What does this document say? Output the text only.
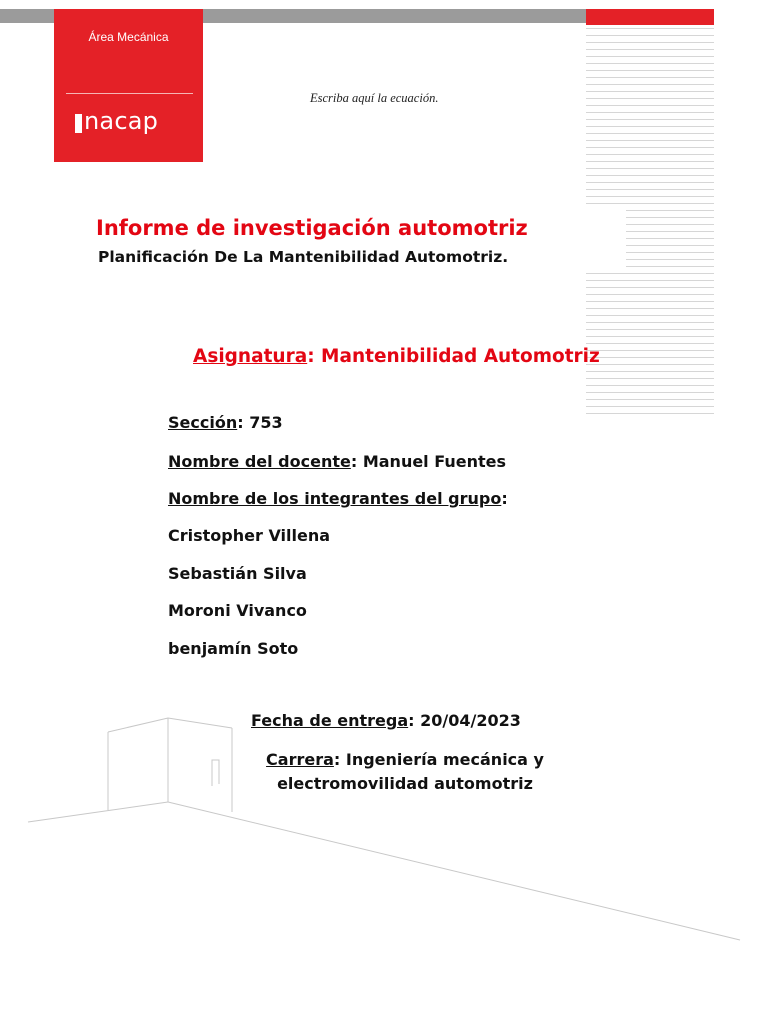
Área Mecánica
nacap
Escriba aquí la ecuación.
Informe de investigación automotriz
Planificación De La Mantenibilidad Automotriz.
Asignatura: Mantenibilidad Automotriz
Sección: 753
Nombre del docente: Manuel Fuentes
Nombre de los integrantes del grupo:
Cristopher Villena
Sebastián Silva
Moroni Vivanco
benjamín Soto
Fecha de entrega: 20/04/2023
Carrera: Ingeniería mecánica y
electromovilidad automotriz
